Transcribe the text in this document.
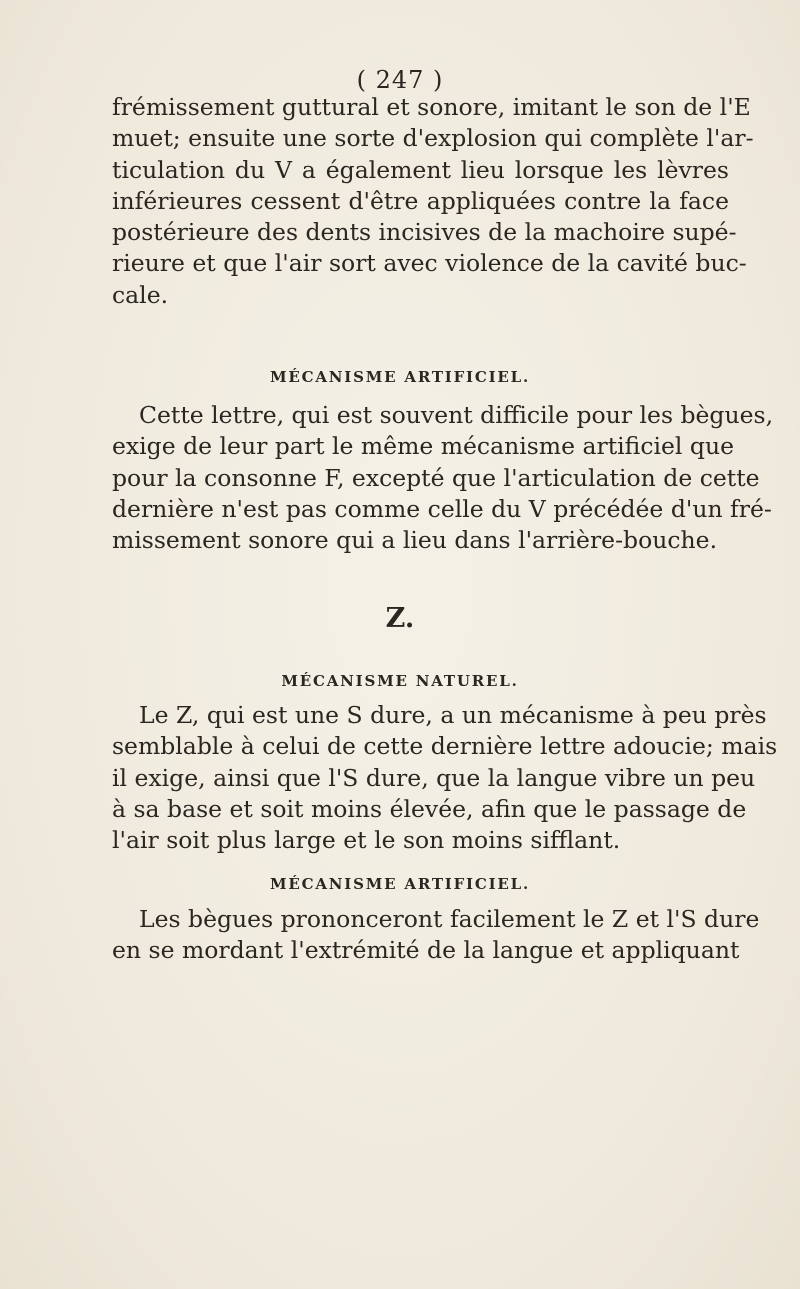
( 247 )
frémissement guttural et sonore, imitant le son de l'E
muet; ensuite une sorte d'explosion qui complète l'ar-
ticulation du V a également lieu lorsque les lèvres
inférieures cessent d'être appliquées contre la face
postérieure des dents incisives de la machoire supé-
rieure et que l'air sort avec violence de la cavité buc-
cale.
MÉCANISME ARTIFICIEL.
Cette lettre, qui est souvent difficile pour les bègues,
exige de leur part le même mécanisme artificiel que
pour la consonne F, excepté que l'articulation de cette
dernière n'est pas comme celle du V précédée d'un fré-
missement sonore qui a lieu dans l'arrière-bouche.
Z.
MÉCANISME NATUREL.
Le Z, qui est une S dure, a un mécanisme à peu près
semblable à celui de cette dernière lettre adoucie; mais
il exige, ainsi que l'S dure, que la langue vibre un peu
à sa base et soit moins élevée, afin que le passage de
l'air soit plus large et le son moins sifflant.
MÉCANISME ARTIFICIEL.
Les bègues prononceront facilement le Z et l'S dure
en se mordant l'extrémité de la langue et appliquant
